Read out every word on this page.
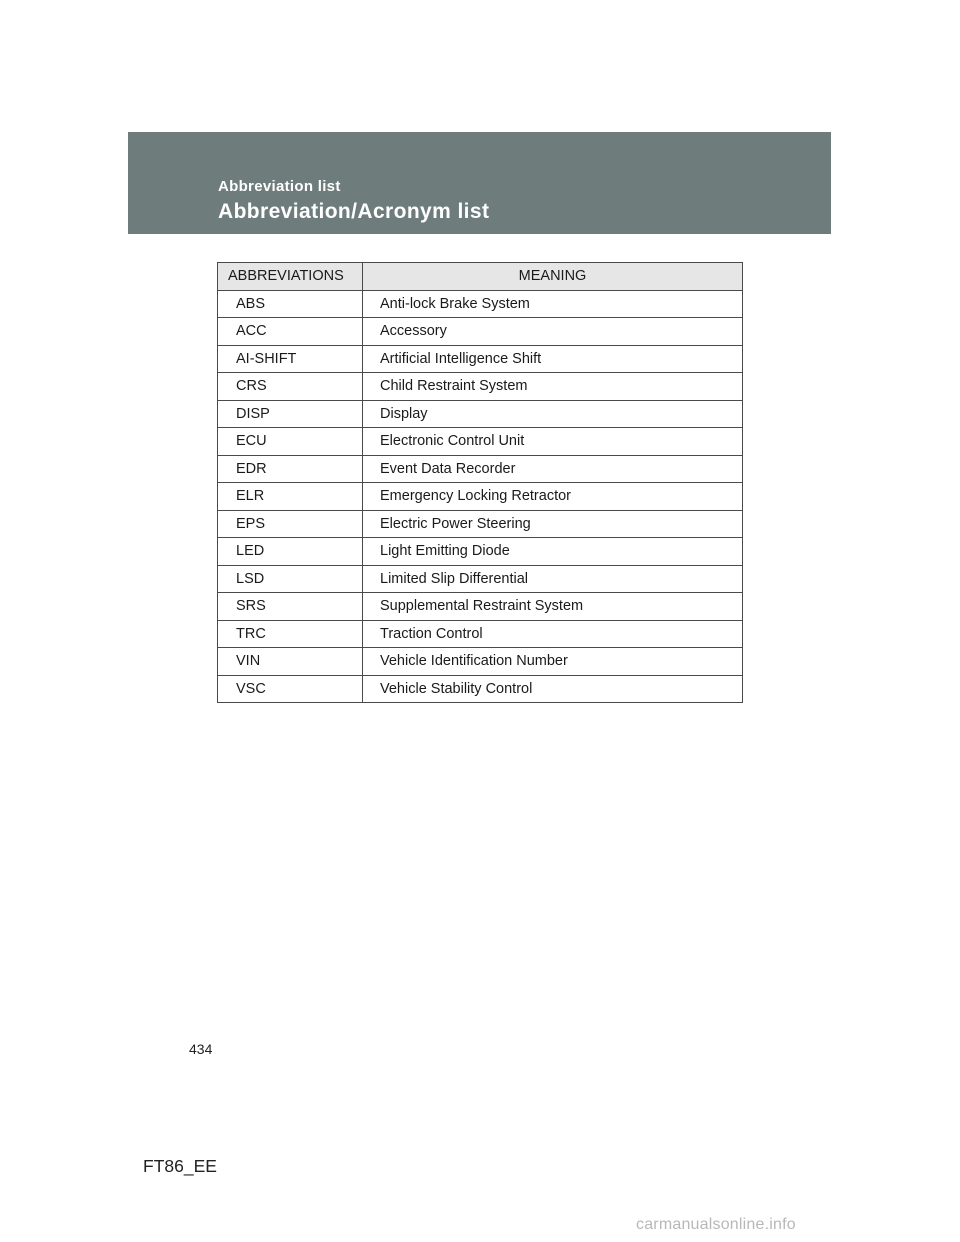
Abbreviation list
Abbreviation/Acronym list
ABBREVIATIONS	MEANING
ABS	Anti-lock Brake System
ACC	Accessory
AI-SHIFT	Artificial Intelligence Shift
CRS	Child Restraint System
DISP	Display
ECU	Electronic Control Unit
EDR	Event Data Recorder
ELR	Emergency Locking Retractor
EPS	Electric Power Steering
LED	Light Emitting Diode
LSD	Limited Slip Differential
SRS	Supplemental Restraint System
TRC	Traction Control
VIN	Vehicle Identification Number
VSC	Vehicle Stability Control
434
FT86_EE
carmanualsonline.info
